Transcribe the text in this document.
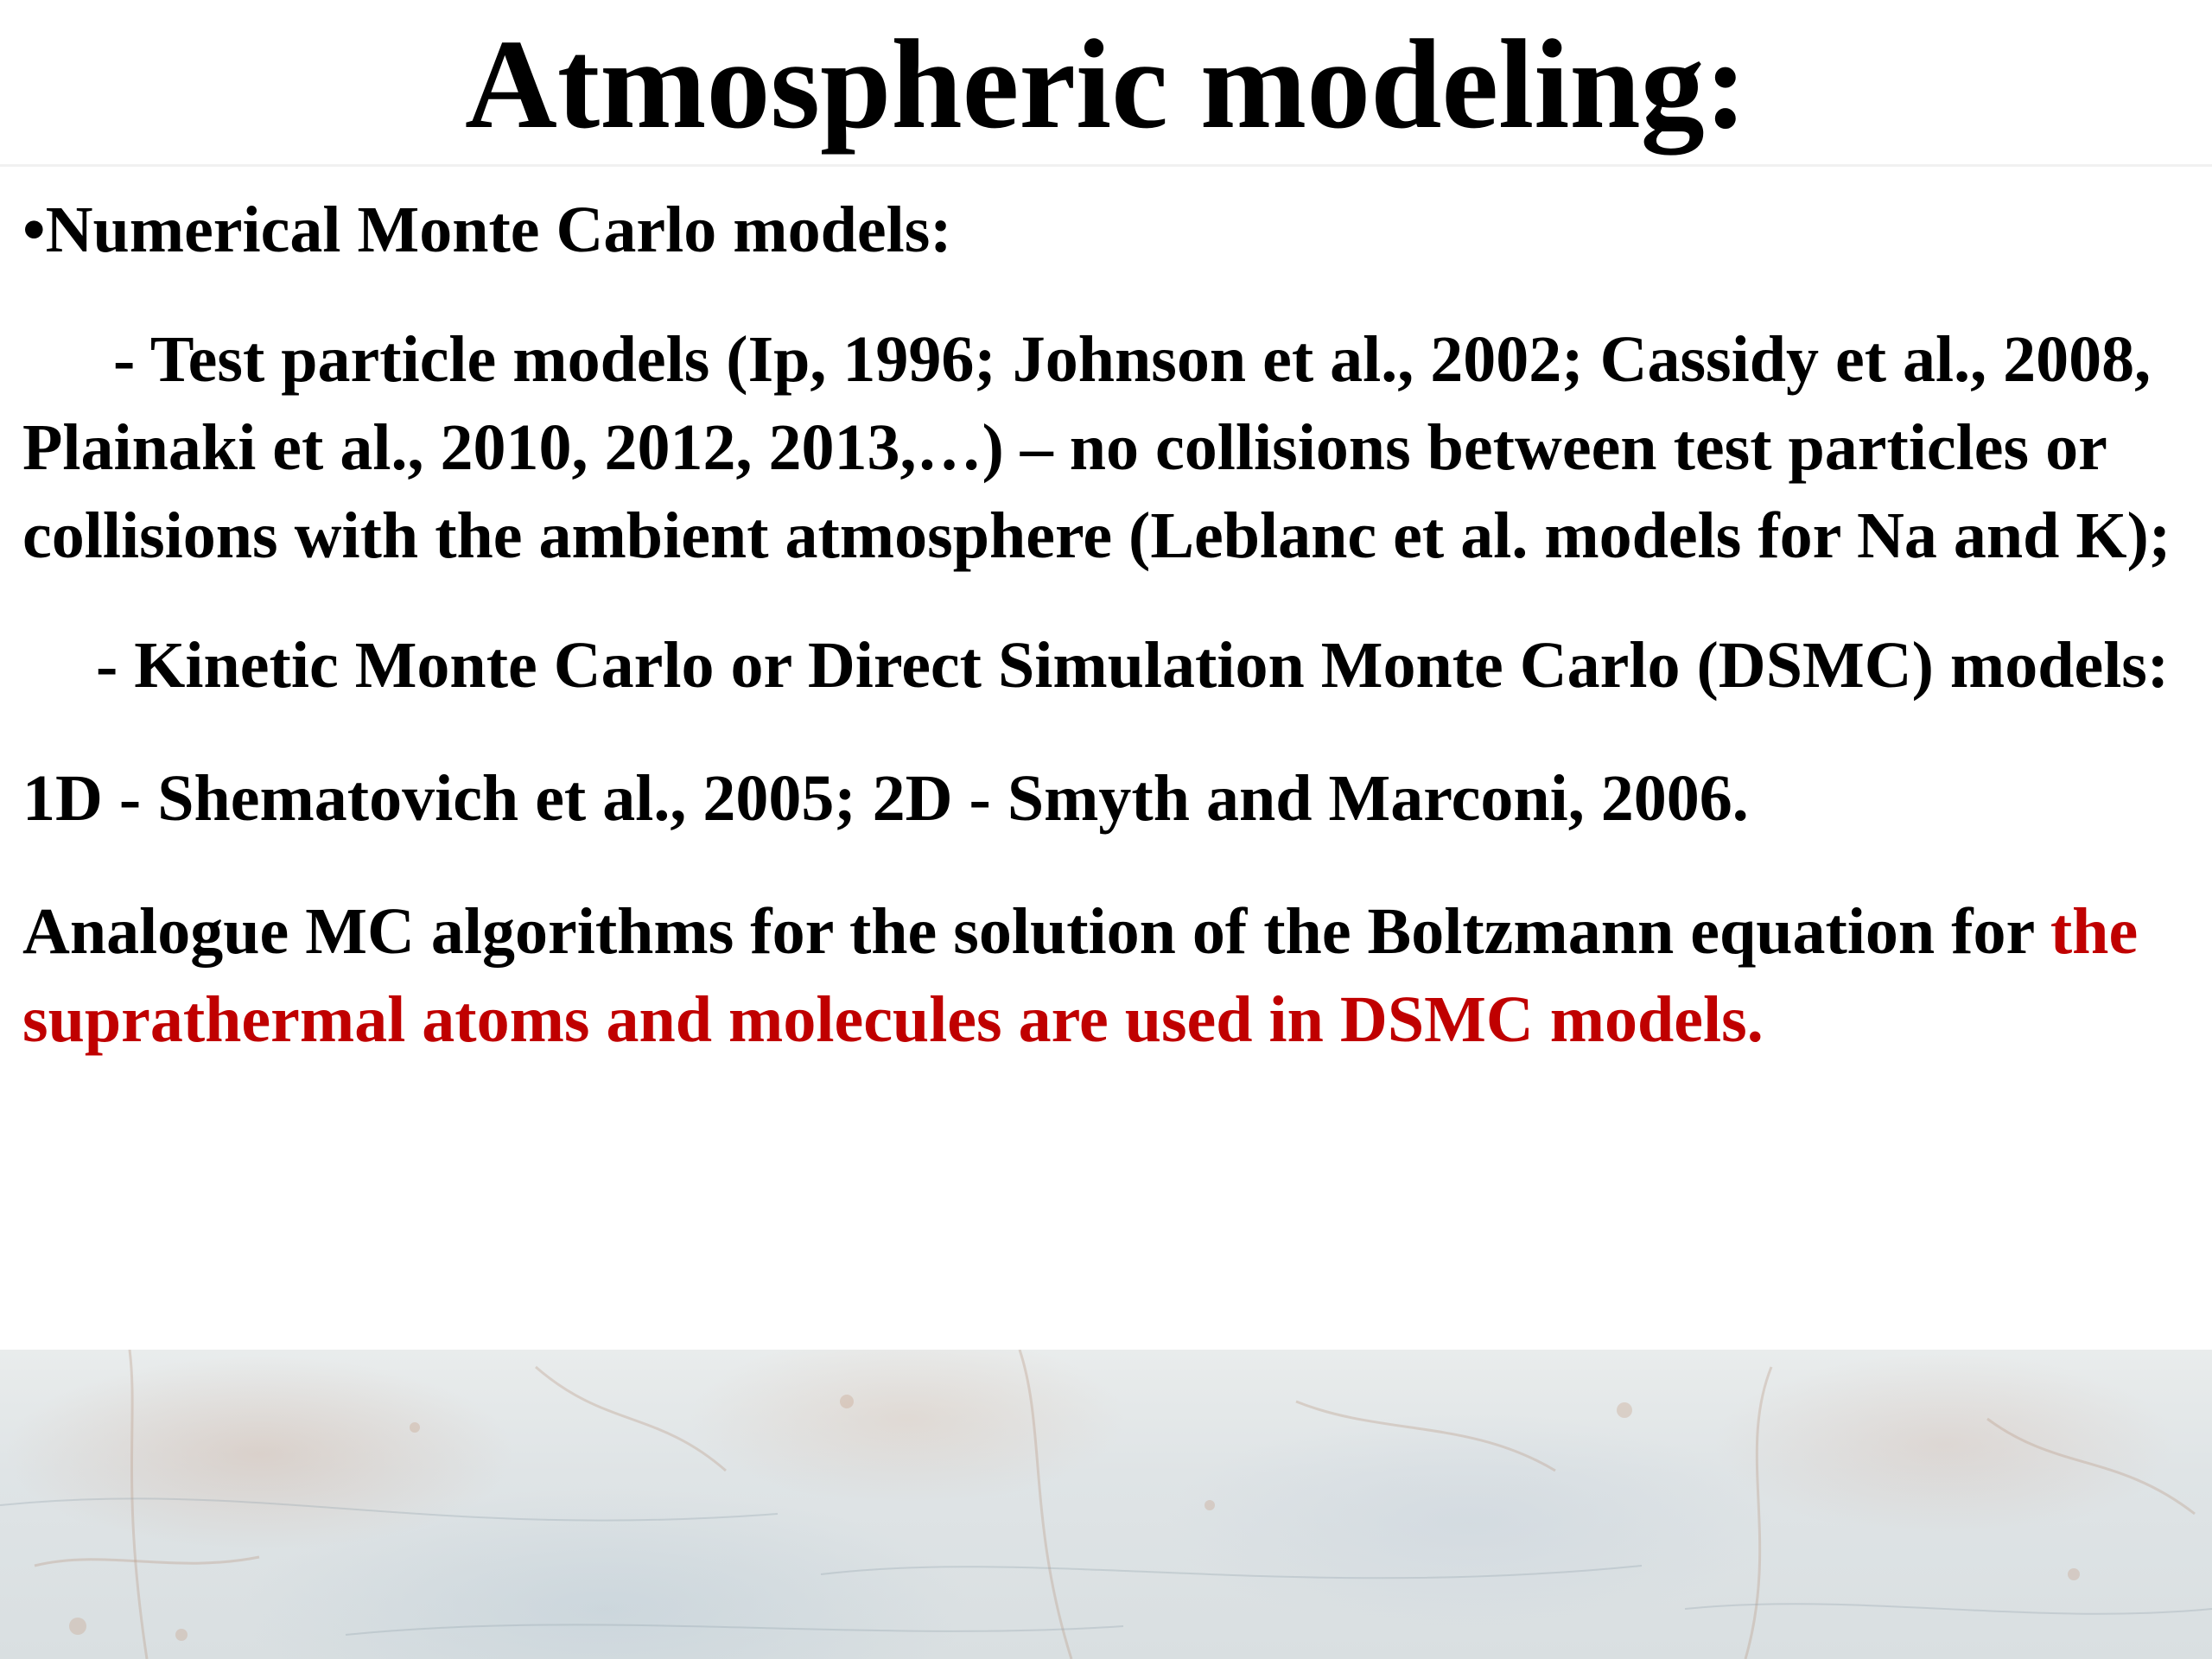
Atmospheric modeling:

•Numerical Monte Carlo models:

- Test particle models (Ip, 1996; Johnson et al., 2002; Cassidy et al., 2008, Plainaki et al., 2010, 2012, 2013,…) – no collisions between test particles or collisions with the ambient atmosphere (Leblanc et al. models for Na and K);

- Kinetic Monte Carlo or Direct Simulation Monte Carlo (DSMC) models:

1D - Shematovich et al., 2005; 2D - Smyth and Marconi, 2006.

Analogue MC algorithms for the solution of the Boltzmann equation for the suprathermal atoms and molecules are used in DSMC models.
